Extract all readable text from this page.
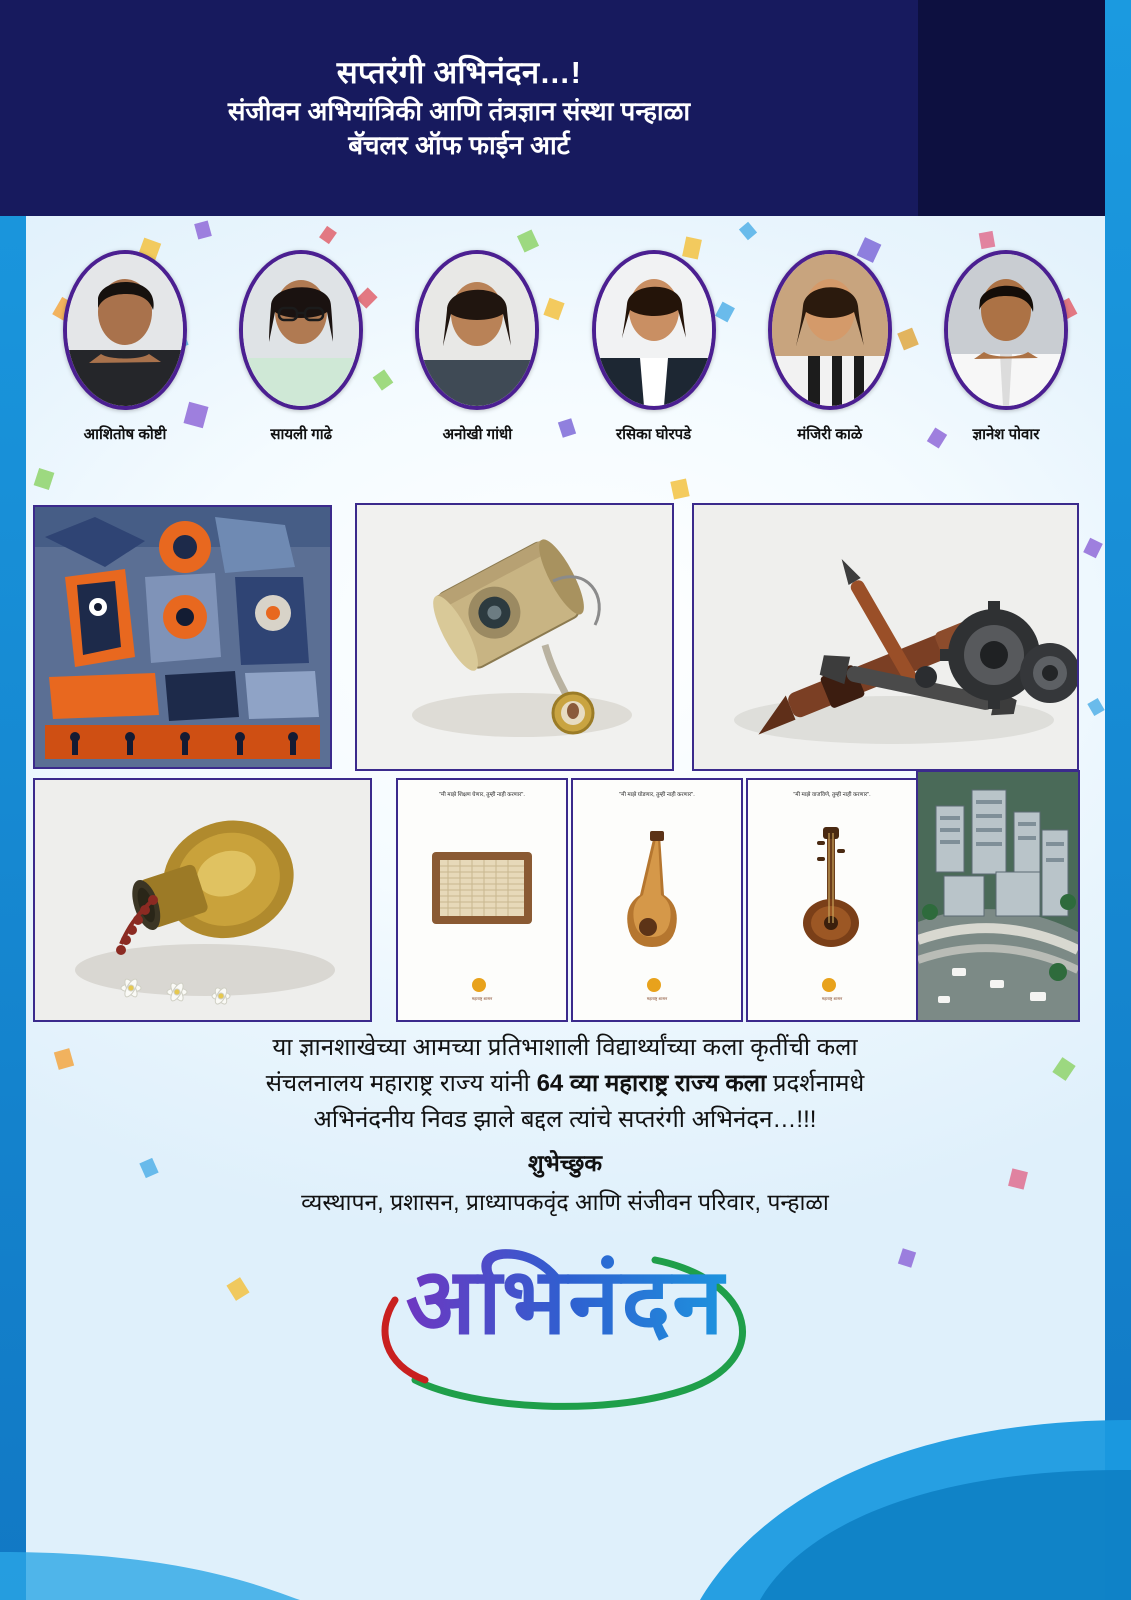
सप्तरंगी अभिनंदन…!
संजीवन अभियांत्रिकी आणि तंत्रज्ञान संस्था पन्हाळा
बॅचलर ऑफ फाईन आर्ट
आशितोष कोष्टी	सायली गाढे	अनोखी गांधी	रसिका घोरपडे	मंजिरी काळे	ज्ञानेश पोवार
"मी माझे शिक्षण घेणार, तुम्ही नाही करणार".
महाराष्ट्र शासन
"मी माझे घोडणार, तुम्ही नाही करणार".
महाराष्ट्र शासन
"मी माझे वाजविणे, तुम्ही नाही करणार".
महाराष्ट्र शासन
या ज्ञानशाखेच्या आमच्या प्रतिभाशाली विद्यार्थ्यांच्या कला कृतींची कला
संचलनालय महाराष्ट्र राज्य यांनी 64 व्या महाराष्ट्र राज्य कला प्रदर्शनामधे
अभिनंदनीय निवड झाले बद्दल त्यांचे सप्तरंगी अभिनंदन…!!!
शुभेच्छुक
व्यस्थापन, प्रशासन, प्राध्यापकवृंद आणि संजीवन परिवार, पन्हाळा
अभिनंदन
